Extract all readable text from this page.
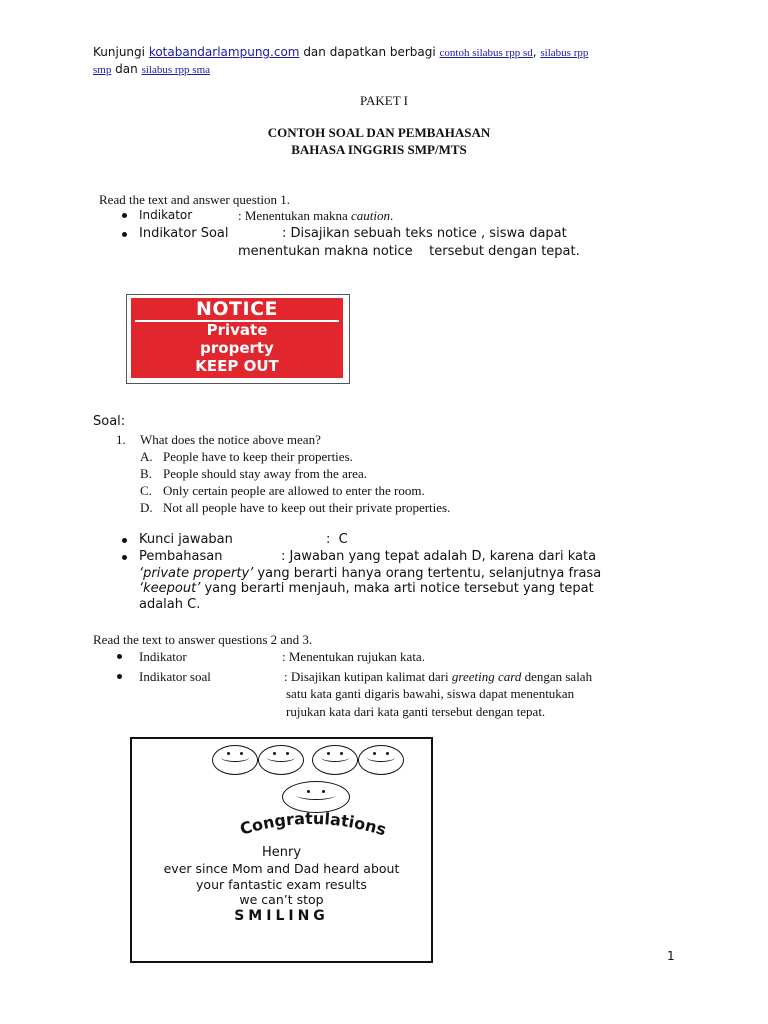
Kunjungi kotabandarlampung.com dan dapatkan berbagi contoh silabus rpp sd, silabus rpp
smp dan silabus rpp sma
PAKET I
CONTOH SOAL DAN PEMBAHASAN
BAHASA INGGRIS SMP/MTS
Read the text and answer question 1.
Indikator	: Menentukan makna caution.
Indikator Soal	: Disajikan sebuah teks notice , siswa dapat
menentukan makna notice    tersebut dengan tepat.
NOTICE
Private
property
KEEP OUT
Soal:
1. What does the notice above mean?
A. People have to keep their properties.
B. People should stay away from the area.
C. Only certain people are allowed to enter the room.
D. Not all people have to keep out their private properties.
Kunci jawaban	:  C
Pembahasan	: Jawaban yang tepat adalah D, karena dari kata
‘private property’ yang berarti hanya orang tertentu, selanjutnya frasa
‘keepout’ yang berarti menjauh, maka arti notice tersebut yang tepat
adalah C.
Read the text to answer questions 2 and 3.
Indikator	: Menentukan rujukan kata.
Indikator soal	: Disajikan kutipan kalimat dari greeting card dengan salah
satu kata ganti digaris bawahi, siswa dapat menentukan
rujukan kata dari kata ganti tersebut dengan tepat.
Congratulations
Henry
ever since Mom and Dad heard about
your fantastic exam results
we can’t stop
SMILING
1
